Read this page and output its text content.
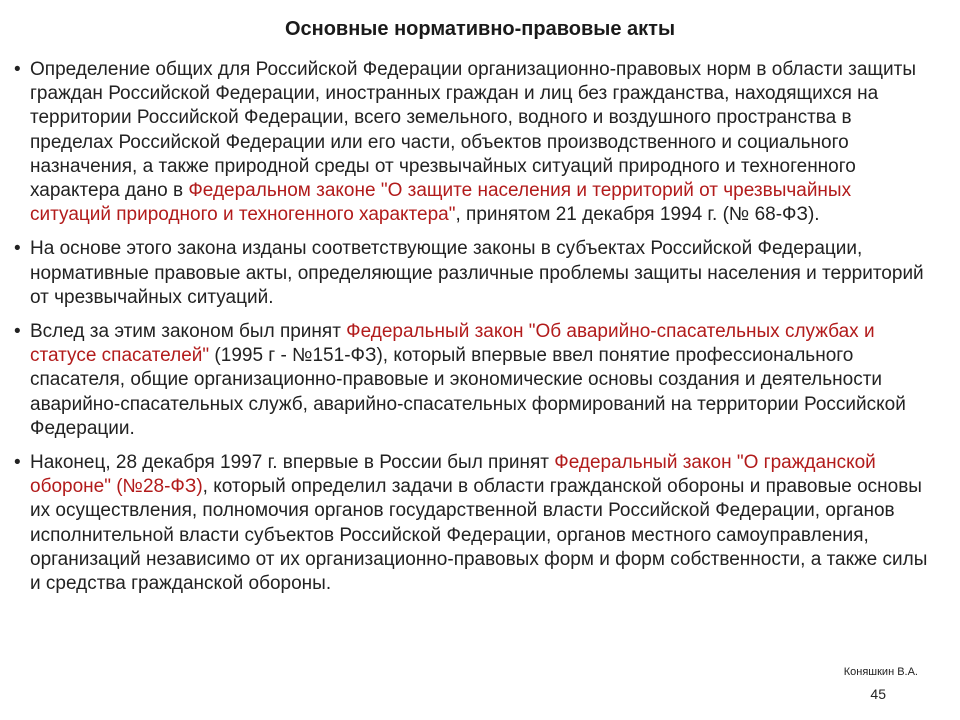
Основные нормативно-правовые акты
• Определение общих для Российской Федерации организационно-правовых норм в области защиты граждан Российской Федерации, иностранных граждан и лиц без гражданства, находящихся на территории Российской Федерации, всего земельного, водного и воздушного пространства в пределах Российской Федерации или его части, объектов производственного и социального назначения, а также природной среды от чрезвычайных ситуаций природного и техногенного характера дано в Федеральном законе "О защите населения и территорий от чрезвычайных ситуаций природного и техногенного характера", принятом 21 декабря 1994 г. (№ 68-ФЗ).
• На основе этого закона изданы соответствующие законы в субъектах Российской Федерации, нормативные правовые акты, определяющие различные проблемы защиты населения и территорий от чрезвычайных ситуаций.
• Вслед за этим законом был принят Федеральный закон "Об аварийно-спасательных службах и статусе спасателей" (1995 г - №151-ФЗ), который впервые ввел понятие профессионального спасателя, общие организационно-правовые и экономические основы создания и деятельности аварийно-спасательных служб, аварийно-спасательных формирований на территории Российской Федерации.
• Наконец, 28 декабря 1997 г. впервые в России был принят Федеральный закон "О гражданской обороне" (№28-ФЗ), который определил задачи в области гражданской обороны и правовые основы их осуществления, полномочия органов государственной власти Российской Федерации, органов исполнительной власти субъектов Российской Федерации, органов местного самоуправления, организаций независимо от их организационно-правовых форм и форм собственности, а также силы и средства гражданской обороны.
Коняшкин В.А.
45
